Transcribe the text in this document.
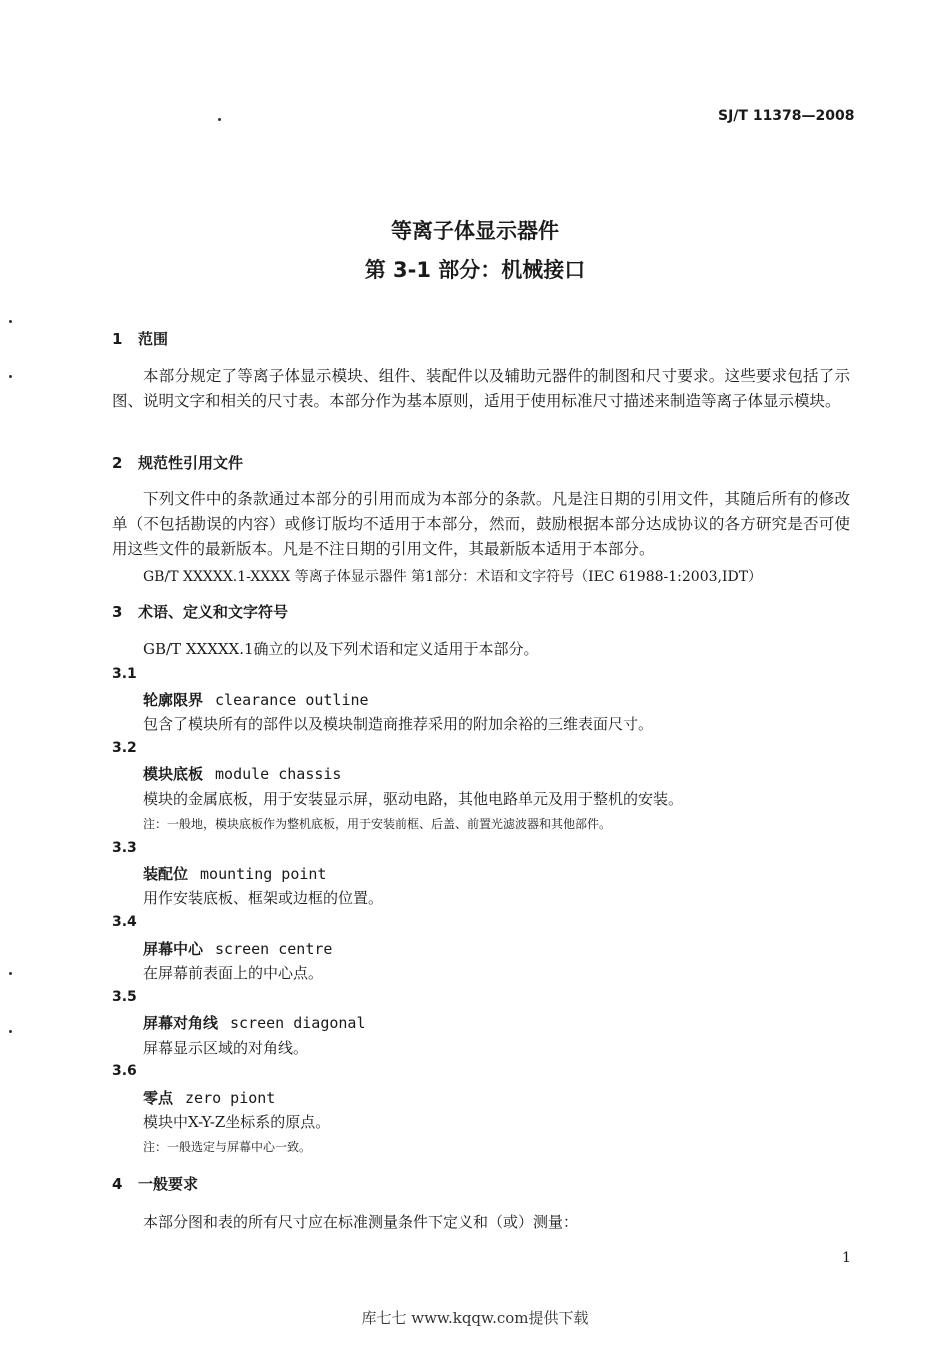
SJ/T 11378—2008
等离子体显示器件
第 3-1 部分：机械接口
1 范围
本部分规定了等离子体显示模块、组件、装配件以及辅助元器件的制图和尺寸要求。这些要求包括了示图、说明文字和相关的尺寸表。本部分作为基本原则，适用于使用标准尺寸描述来制造等离子体显示模块。
2 规范性引用文件
下列文件中的条款通过本部分的引用而成为本部分的条款。凡是注日期的引用文件，其随后所有的修改单（不包括勘误的内容）或修订版均不适用于本部分，然而，鼓励根据本部分达成协议的各方研究是否可使用这些文件的最新版本。凡是不注日期的引用文件，其最新版本适用于本部分。
GB/T XXXXX.1-XXXX 等离子体显示器件 第1部分：术语和文字符号（IEC 61988-1:2003,IDT）
3 术语、定义和文字符号
GB/T XXXXX.1确立的以及下列术语和定义适用于本部分。
3.1
轮廓限界 clearance outline
包含了模块所有的部件以及模块制造商推荐采用的附加余裕的三维表面尺寸。
3.2
模块底板 module chassis
模块的金属底板，用于安装显示屏，驱动电路，其他电路单元及用于整机的安装。
注：一般地，模块底板作为整机底板，用于安装前框、后盖、前置光滤波器和其他部件。
3.3
装配位 mounting point
用作安装底板、框架或边框的位置。
3.4
屏幕中心 screen centre
在屏幕前表面上的中心点。
3.5
屏幕对角线 screen diagonal
屏幕显示区域的对角线。
3.6
零点 zero piont
模块中X-Y-Z坐标系的原点。
注：一般选定与屏幕中心一致。
4 一般要求
本部分图和表的所有尺寸应在标准测量条件下定义和（或）测量：
1
库七七 www.kqqw.com提供下载
